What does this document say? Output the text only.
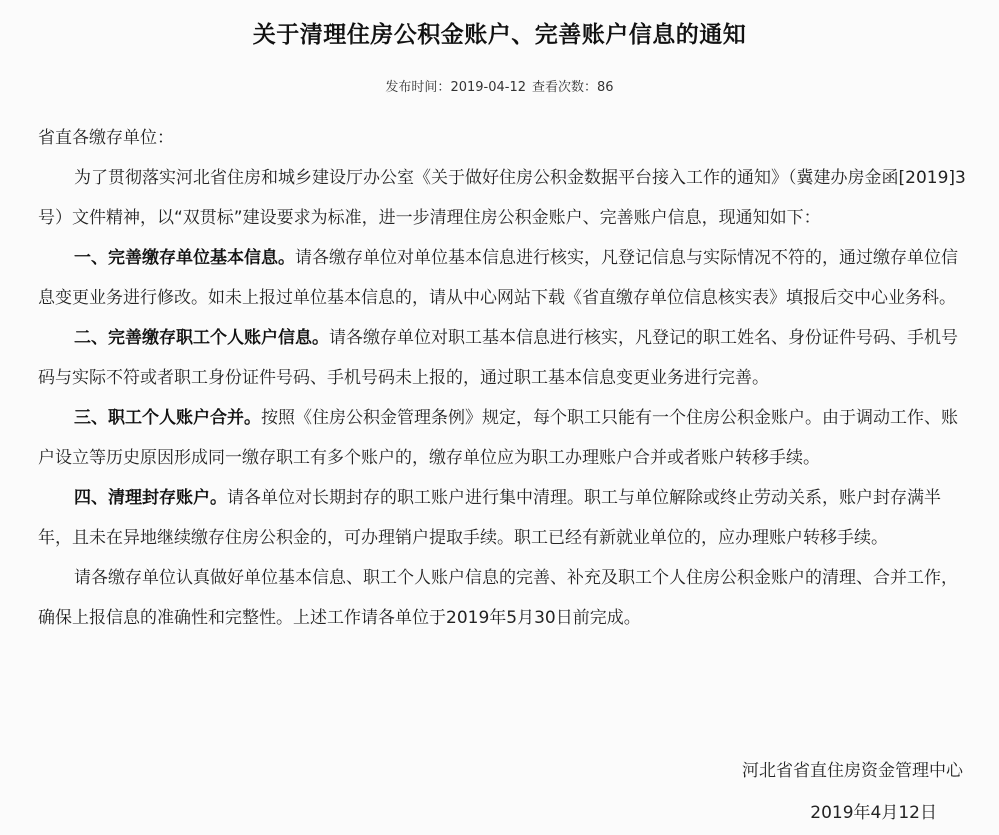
关于清理住房公积金账户、完善账户信息的通知
发布时间：2019-04-12 查看次数：86

省直各缴存单位：

为了贯彻落实河北省住房和城乡建设厅办公室《关于做好住房公积金数据平台接入工作的通知》（冀建办房金函[2019]3号）文件精神，以“双贯标”建设要求为标准，进一步清理住房公积金账户、完善账户信息，现通知如下：

一、完善缴存单位基本信息。请各缴存单位对单位基本信息进行核实，凡登记信息与实际情况不符的，通过缴存单位信息变更业务进行修改。如未上报过单位基本信息的，请从中心网站下载《省直缴存单位信息核实表》填报后交中心业务科。

二、完善缴存职工个人账户信息。请各缴存单位对职工基本信息进行核实，凡登记的职工姓名、身份证件号码、手机号码与实际不符或者职工身份证件号码、手机号码未上报的，通过职工基本信息变更业务进行完善。

三、职工个人账户合并。按照《住房公积金管理条例》规定，每个职工只能有一个住房公积金账户。由于调动工作、账户设立等历史原因形成同一缴存职工有多个账户的，缴存单位应为职工办理账户合并或者账户转移手续。

四、清理封存账户。请各单位对长期封存的职工账户进行集中清理。职工与单位解除或终止劳动关系，账户封存满半年，且未在异地继续缴存住房公积金的，可办理销户提取手续。职工已经有新就业单位的，应办理账户转移手续。

请各缴存单位认真做好单位基本信息、职工个人账户信息的完善、补充及职工个人住房公积金账户的清理、合并工作，确保上报信息的准确性和完整性。上述工作请各单位于2019年5月30日前完成。

河北省省直住房资金管理中心
2019年4月12日
